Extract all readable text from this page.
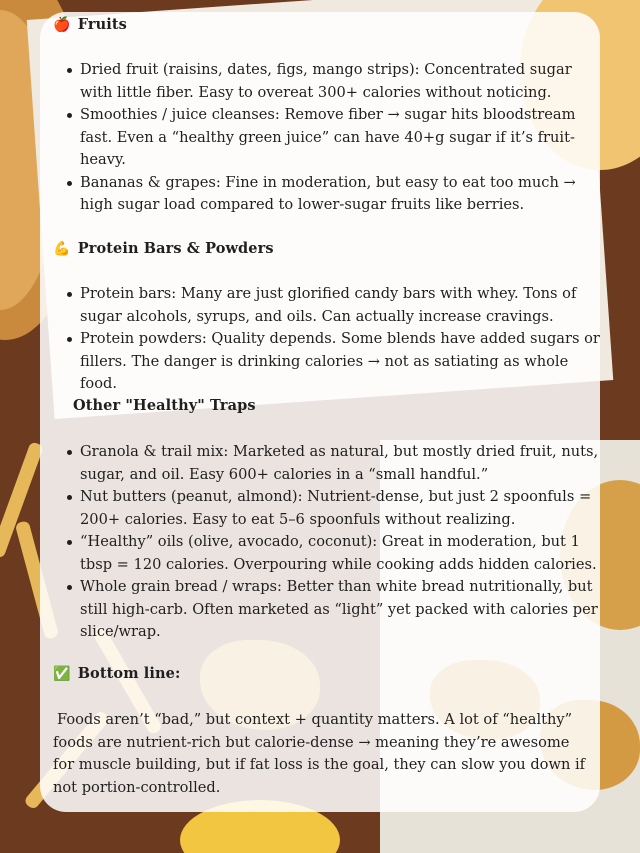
🍎 Fruits
Dried fruit (raisins, dates, figs, mango strips): Concentrated sugar with little fiber. Easy to overeat 300+ calories without noticing.
Smoothies / juice cleanses: Remove fiber → sugar hits bloodstream fast. Even a “healthy green juice” can have 40+g sugar if it’s fruit-heavy.
Bananas & grapes: Fine in moderation, but easy to eat too much → high sugar load compared to lower-sugar fruits like berries.
💪 Protein Bars & Powders
Protein bars: Many are just glorified candy bars with whey. Tons of sugar alcohols, syrups, and oils. Can actually increase cravings.
Protein powders: Quality depends. Some blends have added sugars or fillers. The danger is drinking calories → not as satiating as whole food.
Other "Healthy" Traps
Granola & trail mix: Marketed as natural, but mostly dried fruit, nuts, sugar, and oil. Easy 600+ calories in a “small handful.”
Nut butters (peanut, almond): Nutrient-dense, but just 2 spoonfuls = 200+ calories. Easy to eat 5–6 spoonfuls without realizing.
“Healthy” oils (olive, avocado, coconut): Great in moderation, but 1 tbsp = 120 calories. Overpouring while cooking adds hidden calories.
Whole grain bread / wraps: Better than white bread nutritionally, but still high-carb. Often marketed as “light” yet packed with calories per slice/wrap.
✅ Bottom line:
Foods aren’t “bad,” but context + quantity matters. A lot of “healthy” foods are nutrient-rich but calorie-dense → meaning they’re awesome for muscle building, but if fat loss is the goal, they can slow you down if not portion-controlled.
